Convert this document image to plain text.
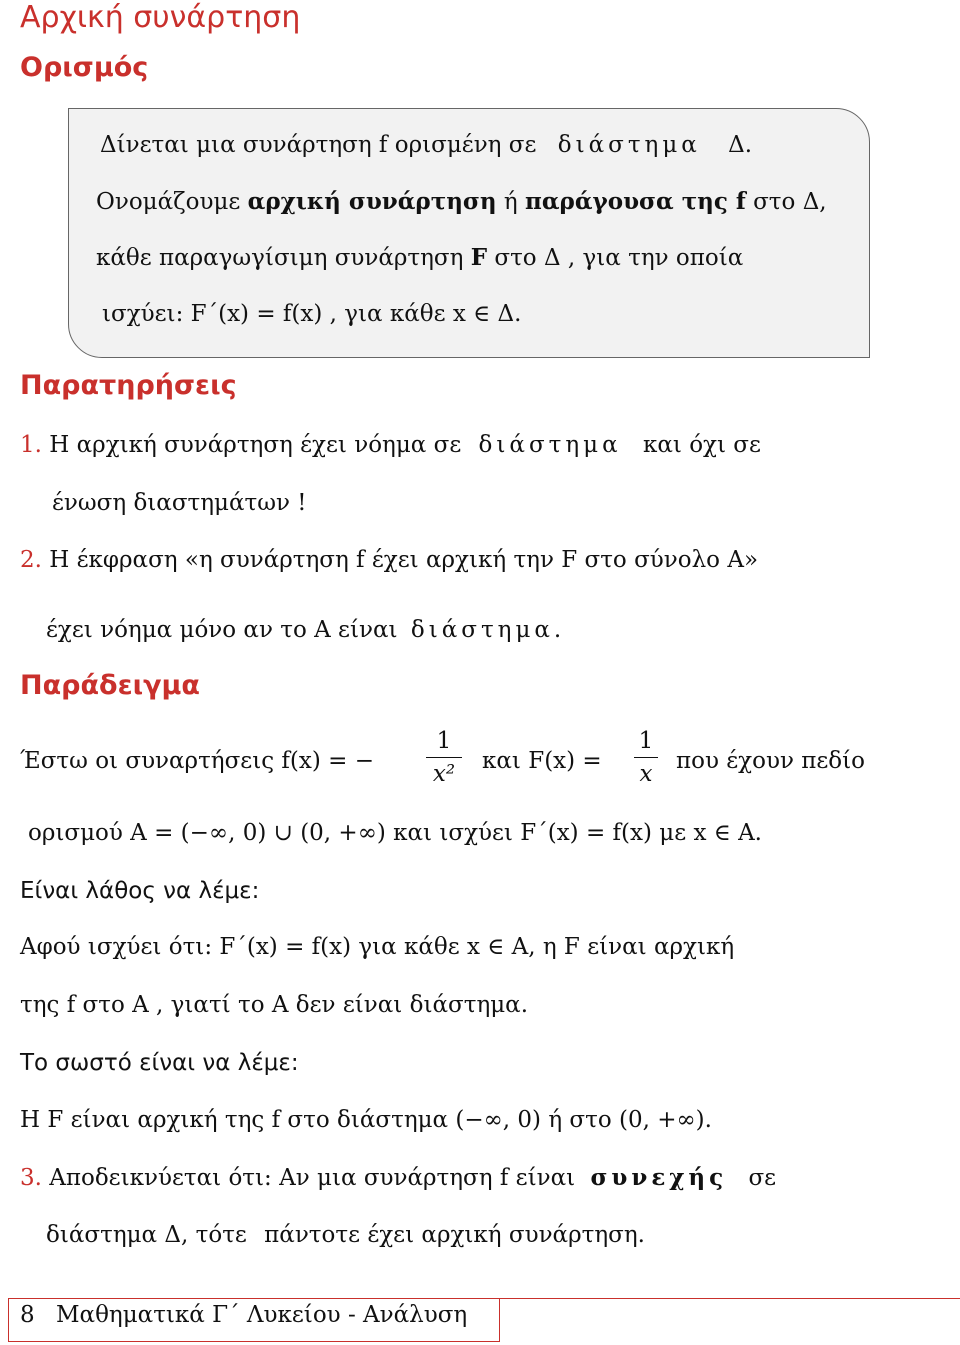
Αρχική συνάρτηση
Ορισμός
Δίνεται μια συνάρτηση f ορισμένη σε διάστημα Δ.
Ονομάζουμε αρχική συνάρτηση ή παράγουσα της f στο Δ,
κάθε παραγωγίσιμη συνάρτηση F στο Δ , για την οποία
ισχύει: F΄(x) = f(x) , για κάθε x ∈ Δ.
Παρατηρήσεις
1. Η αρχική συνάρτηση έχει νόημα σε διάστημα και όχι σε
ένωση διαστημάτων !
2. Η έκφραση «η συνάρτηση f έχει αρχική την F στο σύνολο Α»
έχει νόημα μόνο αν το Α είναι διάστημα.
Παράδειγμα
Έστω οι συναρτήσεις f(x) = −
1
x²	και F(x) =
1
x που έχουν πεδίο
ορισμού Α = (−∞, 0) ∪ (0, +∞) και ισχύει F΄(x) = f(x) με x ∈ Α.
Είναι λάθος να λέμε:
Αφού ισχύει ότι: F΄(x) = f(x) για κάθε x ∈ Α, η F είναι αρχική
της f στο Α , γιατί το Α δεν είναι διάστημα.
Το σωστό είναι να λέμε:
Η F είναι αρχική της f στο διάστημα (−∞, 0) ή στο (0, +∞).
3. Αποδεικνύεται ότι: Αν μια συνάρτηση f είναι συνεχής σε
διάστημα Δ, τότε πάντοτε έχει αρχική συνάρτηση.
8 Μαθηματικά Γ΄ Λυκείου - Ανάλυση
